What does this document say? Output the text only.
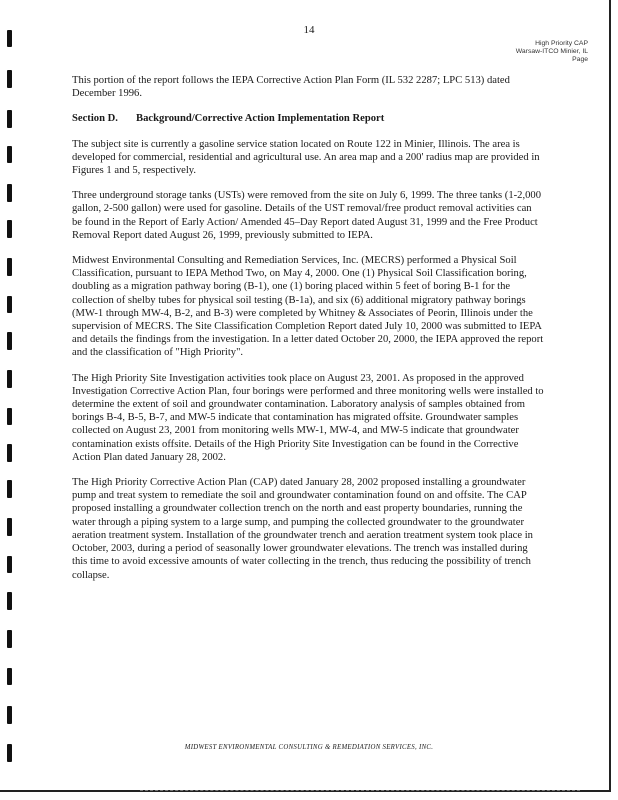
14
High Priority CAP
Warsaw-ITCO Minier, IL
Page

This portion of the report follows the IEPA Corrective Action Plan Form (IL 532 2287; LPC 513) dated December 1996.

Section D. Background/Corrective Action Implementation Report

The subject site is currently a gasoline service station located on Route 122 in Minier, Illinois. The area is developed for commercial, residential and agricultural use. An area map and a 200' radius map are provided in Figures 1 and 5, respectively.

Three underground storage tanks (USTs) were removed from the site on July 6, 1999. The three tanks (1-2,000 gallon, 2-500 gallon) were used for gasoline. Details of the UST removal/free product removal activities can be found in the Report of Early Action/ Amended 45–Day Report dated August 31, 1999 and the Free Product Removal Report dated August 26, 1999, previously submitted to IEPA.

Midwest Environmental Consulting and Remediation Services, Inc. (MECRS) performed a Physical Soil Classification, pursuant to IEPA Method Two, on May 4, 2000. One (1) Physical Soil Classification boring, doubling as a migration pathway boring (B-1), one (1) boring placed within 5 feet of boring B-1 for the collection of shelby tubes for physical soil testing (B-1a), and six (6) additional migratory pathway borings (MW-1 through MW-4, B-2, and B-3) were completed by Whitney & Associates of Peorin, Illinois under the supervision of MECRS. The Site Classification Completion Report dated July 10, 2000 was submitted to IEPA and details the findings from the investigation. In a letter dated October 20, 2000, the IEPA approved the report and the classification of "High Priority".

The High Priority Site Investigation activities took place on August 23, 2001. As proposed in the approved Investigation Corrective Action Plan, four borings were performed and three monitoring wells were installed to determine the extent of soil and groundwater contamination. Laboratory analysis of samples obtained from borings B-4, B-5, B-7, and MW-5 indicate that contamination has migrated offsite. Groundwater samples collected on August 23, 2001 from monitoring wells MW-1, MW-4, and MW-5 indicate that groundwater contamination exists offsite. Details of the High Priority Site Investigation can be found in the Corrective Action Plan dated January 28, 2002.

The High Priority Corrective Action Plan (CAP) dated January 28, 2002 proposed installing a groundwater pump and treat system to remediate the soil and groundwater contamination found on and offsite. The CAP proposed installing a groundwater collection trench on the north and east property boundaries, running the water through a piping system to a large sump, and pumping the collected groundwater to the groundwater aeration treatment system. Installation of the groundwater trench and aeration treatment system took place in October, 2003, during a period of seasonally lower groundwater elevations. The trench was installed during this time to avoid excessive amounts of water collecting in the trench, thus reducing the possibility of trench collapse.

MIDWEST ENVIRONMENTAL CONSULTING & REMEDIATION SERVICES, INC.
